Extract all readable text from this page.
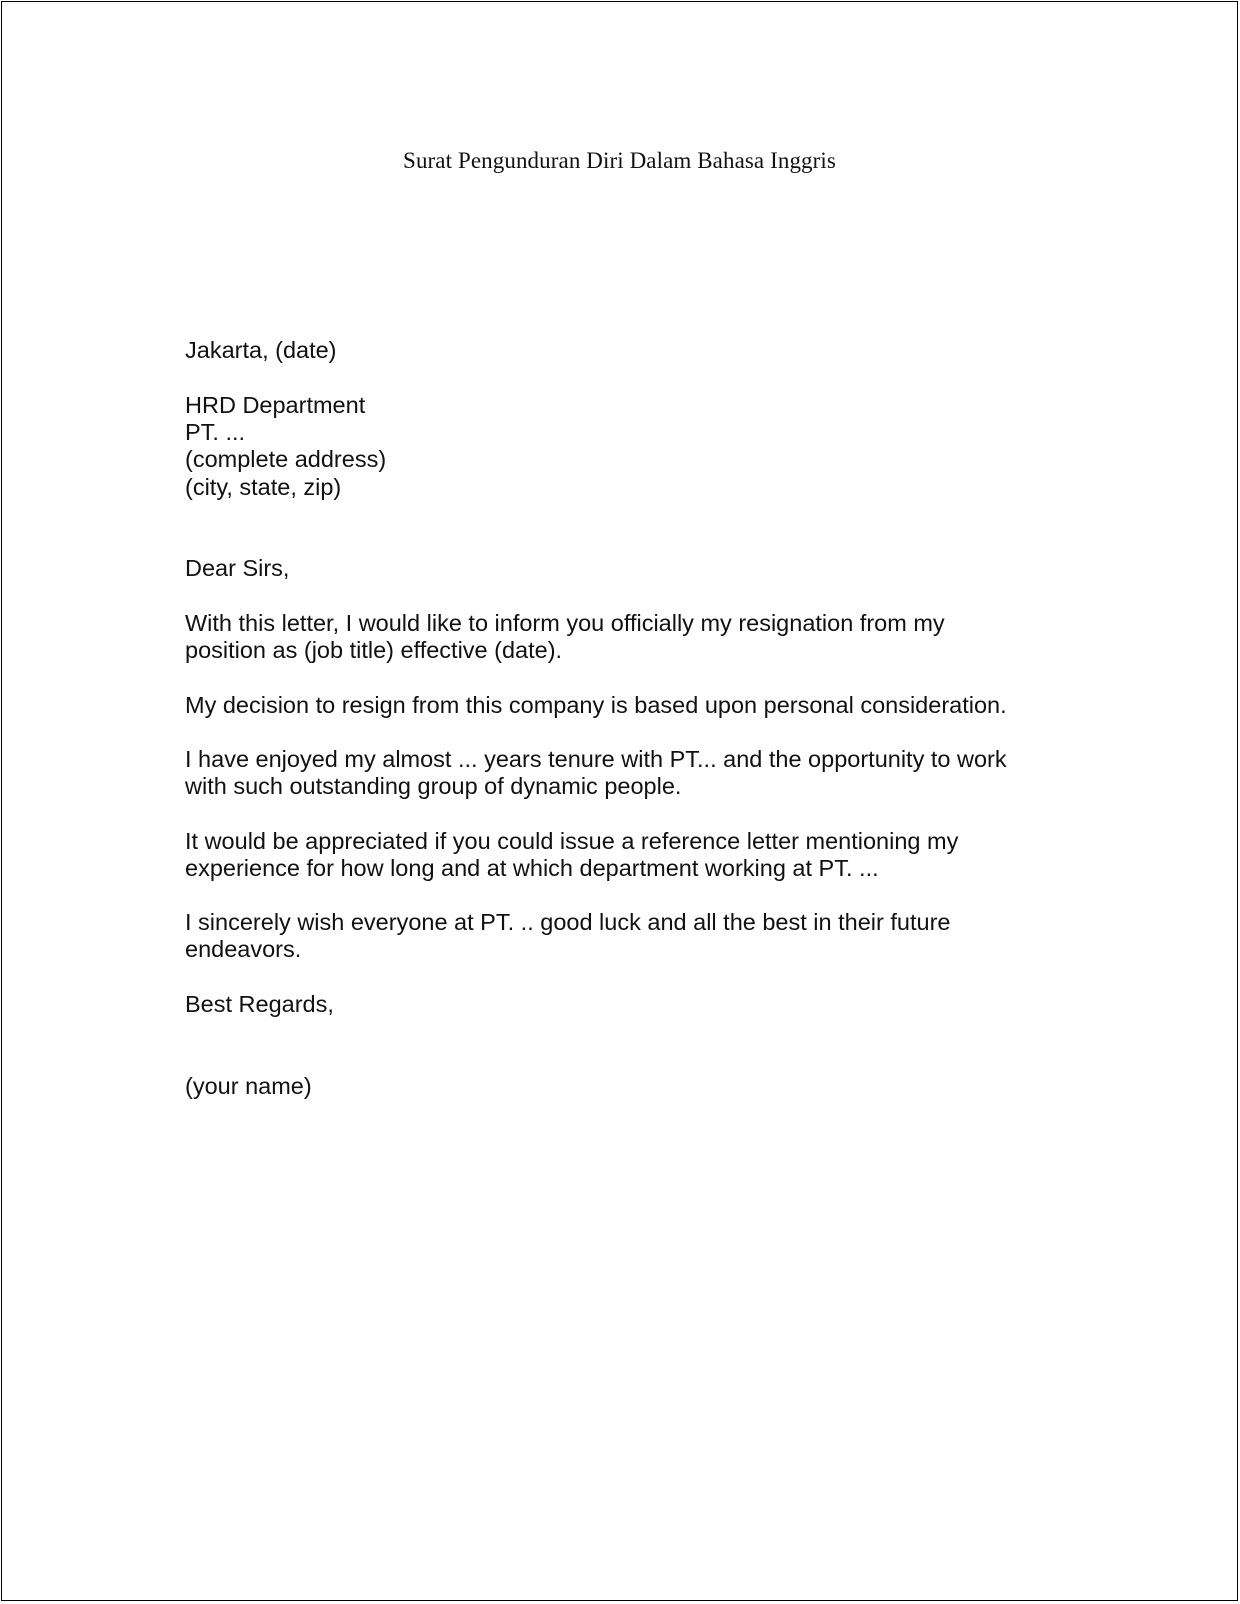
Surat Pengunduran Diri Dalam Bahasa Inggris
Jakarta, (date)
HRD Department
PT. ...
(complete address)
(city, state, zip)
Dear Sirs,
With this letter, I would like to inform you officially my resignation from my
position as (job title) effective (date).
My decision to resign from this company is based upon personal consideration.
I have enjoyed my almost ... years tenure with PT... and the opportunity to work
with such outstanding group of dynamic people.
It would be appreciated if you could issue a reference letter mentioning my
experience for how long and at which department working at PT. ...
I sincerely wish everyone at PT. .. good luck and all the best in their future
endeavors.
Best Regards,
(your name)
